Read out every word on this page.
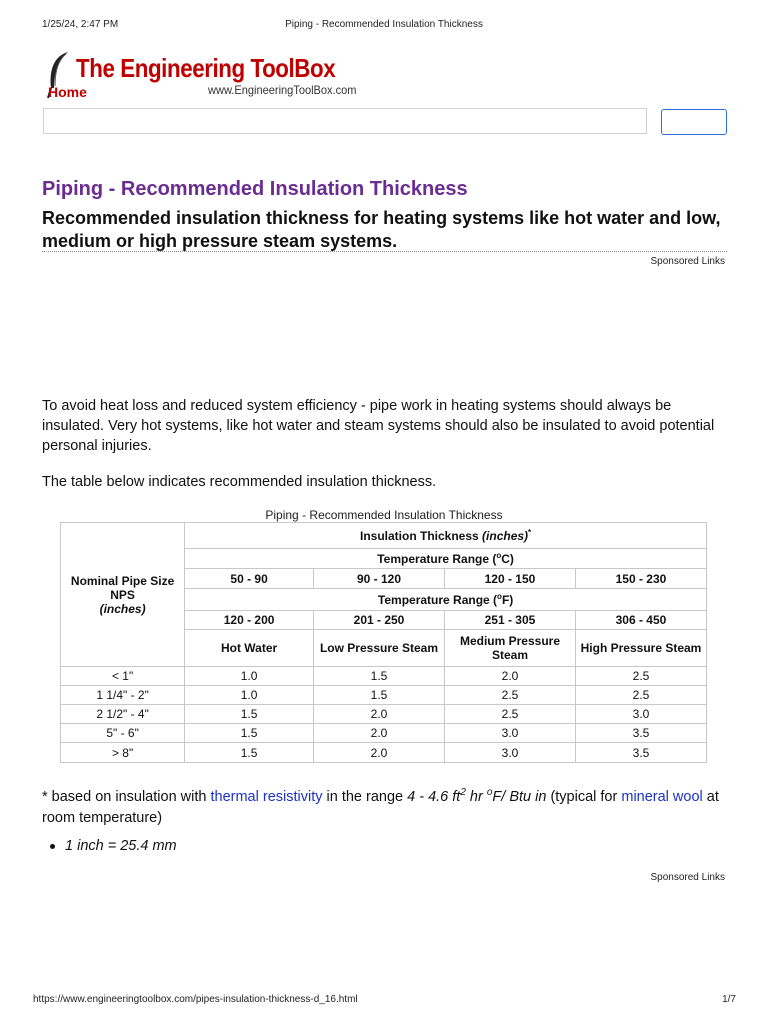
1/25/24, 2:47 PM	Piping - Recommended Insulation Thickness
The Engineering ToolBox
Home	www.EngineeringToolBox.com
Piping - Recommended Insulation Thickness
Recommended insulation thickness for heating systems like hot water and low, medium or high pressure steam systems.
Sponsored Links

To avoid heat loss and reduced system efficiency - pipe work in heating systems should always be insulated. Very hot systems, like hot water and steam systems should also be insulated to avoid potential personal injuries.

The table below indicates recommended insulation thickness.

Piping - Recommended Insulation Thickness
Nominal Pipe Size
NPS
(inches)	Insulation Thickness (inches)*
	Temperature Range ($^o$C)			
	50 - 90	90 - 120	120 - 150	150 - 230
	Temperature Range ($^o$F)			
	120 - 200	201 - 250	251 - 305	306 - 450
	Hot Water	Low Pressure Steam	Medium Pressure Steam	High Pressure Steam
< 1"	1.0	1.5	2.0	2.5
1 1/4" - 2"	1.0	1.5	2.5	2.5
2 1/2" - 4"	1.5	2.0	2.5	3.0
5" - 6"	1.5	2.0	3.0	3.5
> 8"	1.5	2.0	3.0	3.5

* based on insulation with thermal resistivity in the range 4 - 4.6 $ft^2$ hr $^o$F/ Btu in (typical for mineral wool at room temperature)

1 inch = 25.4 mm
Sponsored Links
https://www.engineeringtoolbox.com/pipes-insulation-thickness-d_16.html	1/7
